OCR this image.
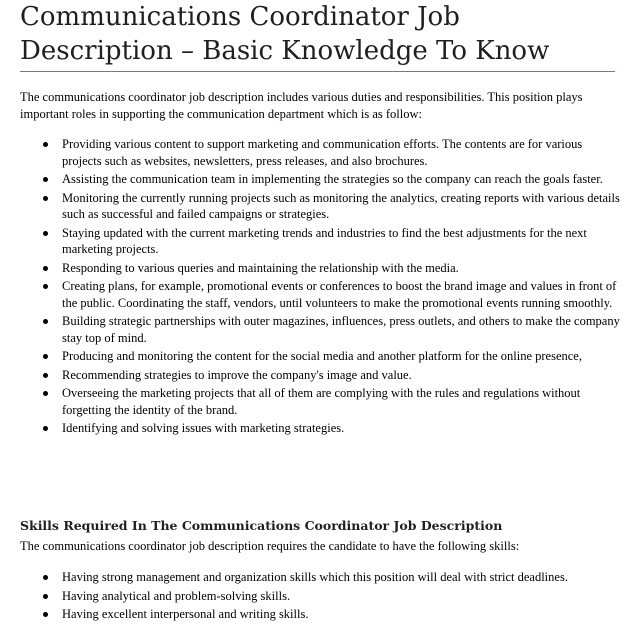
Communications Coordinator Job Description – Basic Knowledge To Know

The communications coordinator job description includes various duties and responsibilities. This position plays important roles in supporting the communication department which is as follow:

Providing various content to support marketing and communication efforts. The contents are for various projects such as websites, newsletters, press releases, and also brochures.
Assisting the communication team in implementing the strategies so the company can reach the goals faster.
Monitoring the currently running projects such as monitoring the analytics, creating reports with various details such as successful and failed campaigns or strategies.
Staying updated with the current marketing trends and industries to find the best adjustments for the next marketing projects.
Responding to various queries and maintaining the relationship with the media.
Creating plans, for example, promotional events or conferences to boost the brand image and values in front of the public. Coordinating the staff, vendors, until volunteers to make the promotional events running smoothly.
Building strategic partnerships with outer magazines, influences, press outlets, and others to make the company stay top of mind.
Producing and monitoring the content for the social media and another platform for the online presence,
Recommending strategies to improve the company's image and value.
Overseeing the marketing projects that all of them are complying with the rules and regulations without forgetting the identity of the brand.
Identifying and solving issues with marketing strategies.
Skills Required In The Communications Coordinator Job Description

The communications coordinator job description requires the candidate to have the following skills:

Having strong management and organization skills which this position will deal with strict deadlines.
Having analytical and problem-solving skills.
Having excellent interpersonal and writing skills.
